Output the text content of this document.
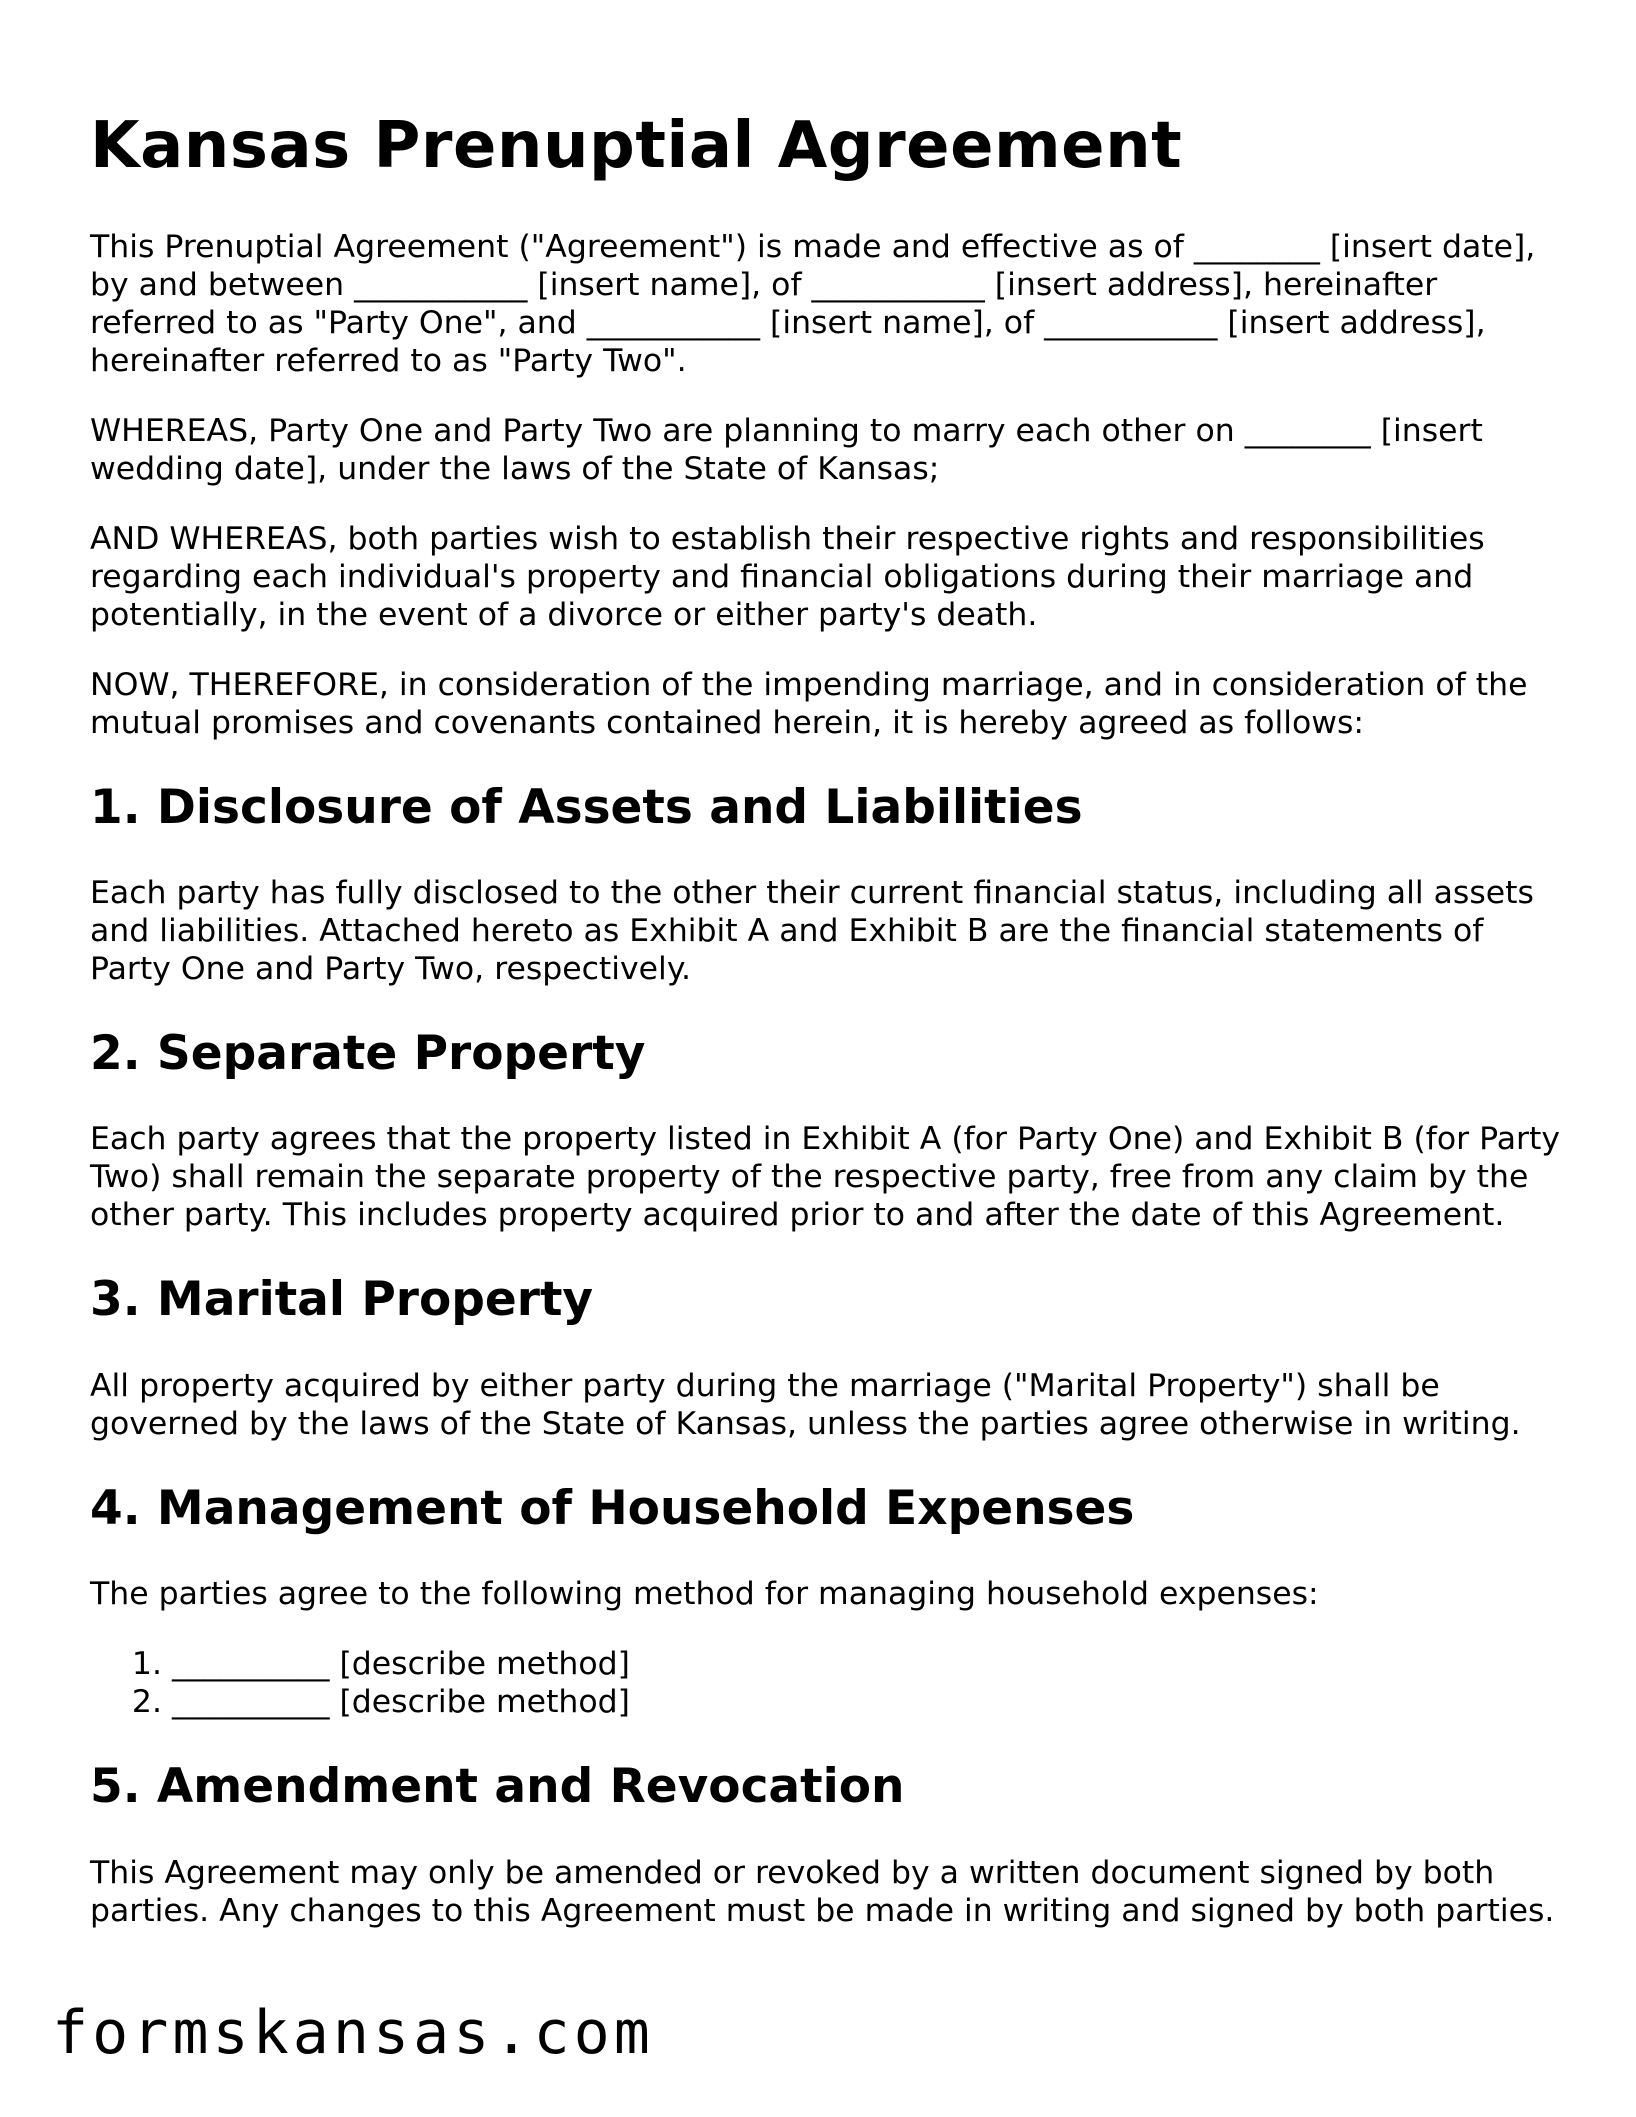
Kansas Prenuptial Agreement

This Prenuptial Agreement ("Agreement") is made and effective as of ________ [insert date], by and between ___________ [insert name], of ___________ [insert address], hereinafter referred to as "Party One", and ___________ [insert name], of ___________ [insert address], hereinafter referred to as "Party Two".

WHEREAS, Party One and Party Two are planning to marry each other on ________ [insert wedding date], under the laws of the State of Kansas;

AND WHEREAS, both parties wish to establish their respective rights and responsibilities regarding each individual's property and financial obligations during their marriage and potentially, in the event of a divorce or either party's death.

NOW, THEREFORE, in consideration of the impending marriage, and in consideration of the mutual promises and covenants contained herein, it is hereby agreed as follows:

1. Disclosure of Assets and Liabilities

Each party has fully disclosed to the other their current financial status, including all assets and liabilities. Attached hereto as Exhibit A and Exhibit B are the financial statements of Party One and Party Two, respectively.

2. Separate Property

Each party agrees that the property listed in Exhibit A (for Party One) and Exhibit B (for Party Two) shall remain the separate property of the respective party, free from any claim by the other party. This includes property acquired prior to and after the date of this Agreement.

3. Marital Property

All property acquired by either party during the marriage ("Marital Property") shall be governed by the laws of the State of Kansas, unless the parties agree otherwise in writing.

4. Management of Household Expenses

The parties agree to the following method for managing household expenses:

1. __________ [describe method]
2. __________ [describe method]
5. Amendment and Revocation

This Agreement may only be amended or revoked by a written document signed by both parties. Any changes to this Agreement must be made in writing and signed by both parties.

formskansas.com
